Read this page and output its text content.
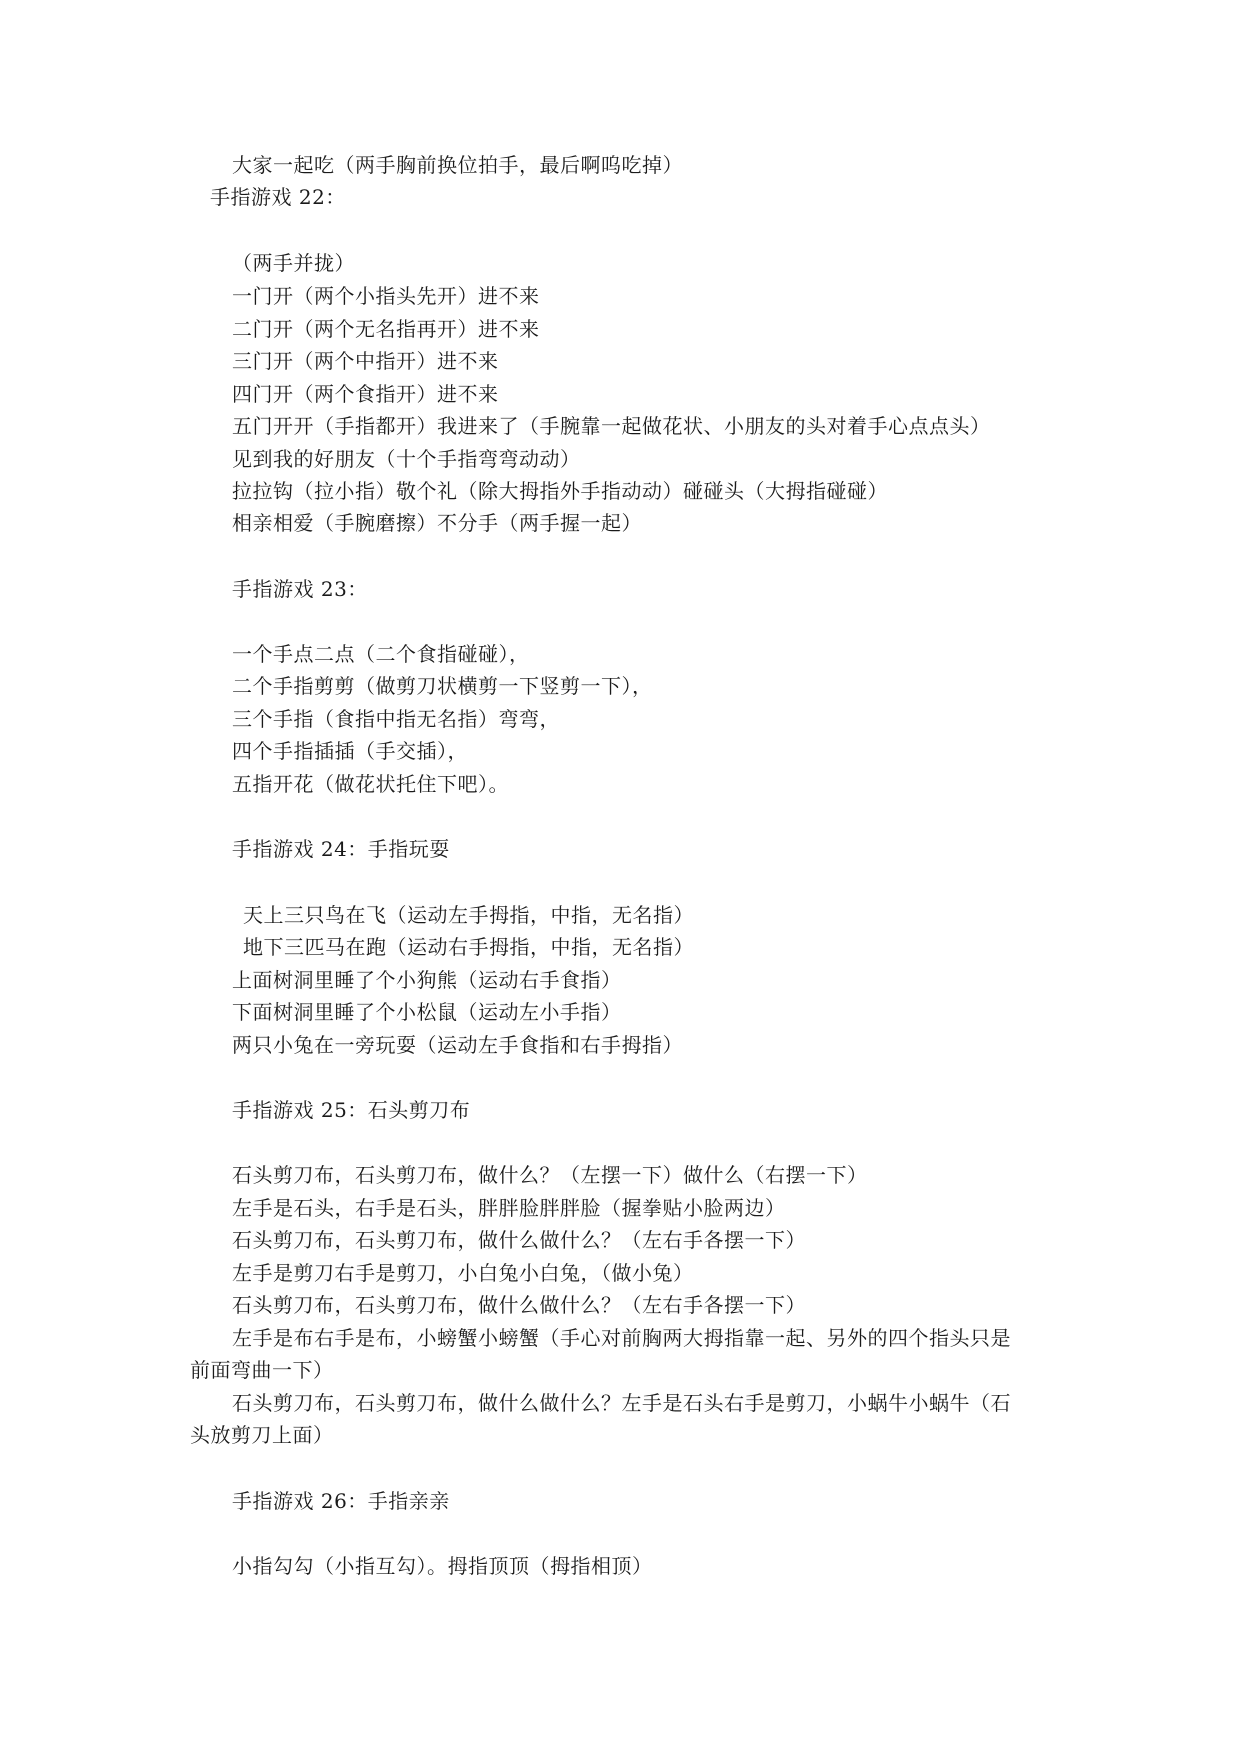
大家一起吃（两手胸前换位拍手，最后啊呜吃掉）
手指游戏 22：
（两手并拢）
一门开（两个小指头先开）进不来
二门开（两个无名指再开）进不来
三门开（两个中指开）进不来
四门开（两个食指开）进不来
五门开开（手指都开）我进来了（手腕靠一起做花状、小朋友的头对着手心点点头）
见到我的好朋友（十个手指弯弯动动）
拉拉钩（拉小指）敬个礼（除大拇指外手指动动）碰碰头（大拇指碰碰）
相亲相爱（手腕磨擦）不分手（两手握一起）
手指游戏 23：
一个手点二点（二个食指碰碰），
二个手指剪剪（做剪刀状横剪一下竖剪一下），
三个手指（食指中指无名指）弯弯，
四个手指插插（手交插），
五指开花（做花状托住下吧）。
手指游戏 24：手指玩耍
天上三只鸟在飞（运动左手拇指，中指，无名指）
地下三匹马在跑（运动右手拇指，中指，无名指）
上面树洞里睡了个小狗熊（运动右手食指）
下面树洞里睡了个小松鼠（运动左小手指）
两只小兔在一旁玩耍（运动左手食指和右手拇指）
手指游戏 25：石头剪刀布
石头剪刀布，石头剪刀布，做什么？（左摆一下）做什么（右摆一下）
左手是石头，右手是石头，胖胖脸胖胖脸（握拳贴小脸两边）
石头剪刀布，石头剪刀布，做什么做什么？（左右手各摆一下）
左手是剪刀右手是剪刀，小白兔小白兔，（做小兔）
石头剪刀布，石头剪刀布，做什么做什么？（左右手各摆一下）
左手是布右手是布，小螃蟹小螃蟹（手心对前胸两大拇指靠一起、另外的四个指头只是
前面弯曲一下）
石头剪刀布，石头剪刀布，做什么做什么？左手是石头右手是剪刀，小蜗牛小蜗牛（石
头放剪刀上面）
手指游戏 26：手指亲亲
小指勾勾（小指互勾）。拇指顶顶（拇指相顶）
